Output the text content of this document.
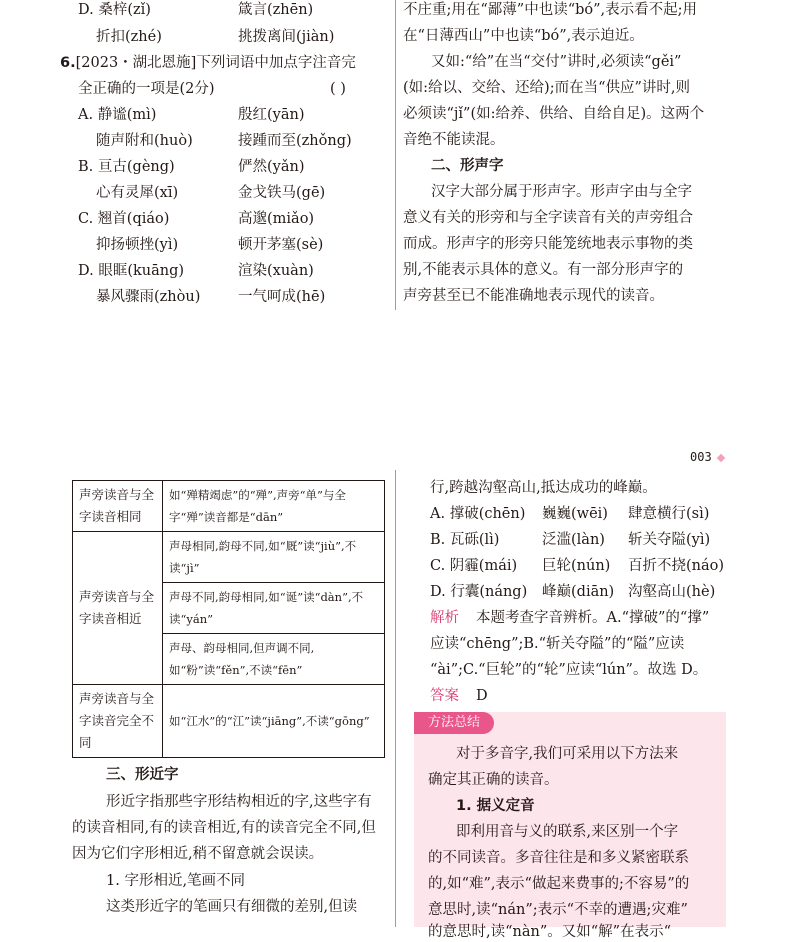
D. 桑梓(zǐ)	箴言(zhēn)
折扣(zhé)	挑拨离间(jiàn)
6.[2023・湖北恩施]下列词语中加点字注音完
全正确的一项是(2分)	( )
A. 静谧(mì)	殷红(yān)
随声附和(huò)	接踵而至(zhǒng)
B. 亘古(gèng)	俨然(yǎn)
心有灵犀(xī)	金戈铁马(gē)
C. 翘首(qiáo)	高邈(miǎo)
抑扬顿挫(yì)	顿开茅塞(sè)
D. 眼眶(kuāng)	渲染(xuàn)
暴风骤雨(zhòu)	一气呵成(hē)
不庄重;用在“鄙薄”中也读“bó”,表示看不起;用
在“日薄西山”中也读“bó”,表示迫近。
又如:“给”在当“交付”讲时,必须读“gěi”
(如:给以、交给、还给);而在当“供应”讲时,则
必须读“jǐ”(如:给养、供给、自给自足)。这两个
音绝不能读混。
二、形声字
汉字大部分属于形声字。形声字由与全字
意义有关的形旁和与全字读音有关的声旁组合
而成。形声字的形旁只能笼统地表示事物的类
别,不能表示具体的意义。有一部分形声字的
声旁甚至已不能准确地表示现代的读音。
003
声旁读音与全字读音相同	如“殚精竭虑”的“殚”,声旁“单”与全字“殚”读音都是“dān”
声旁读音与全字读音相近	声母相同,韵母不同,如“厩”读“jiù”,不读“jì”
	声母不同,韵母相同,如“诞”读“dàn”,不读“yán”
	声母、韵母相同,但声调不同,如“粉”读“fěn”,不读“fēn”
声旁读音与全字读音完全不同	如“江水”的“江”读“jiāng”,不读“gōng”
三、形近字
形近字指那些字形结构相近的字,这些字有
的读音相同,有的读音相近,有的读音完全不同,但
因为它们字形相近,稍不留意就会误读。
1. 字形相近,笔画不同
这类形近字的笔画只有细微的差别,但读
行,跨越沟壑高山,抵达成功的峰巅。
A. 撑破(chēn) 巍巍(wēi) 肆意横行(sì)
B. 瓦砾(lì)	泛滥(làn) 斩关夺隘(yì)
C. 阴霾(mái) 巨轮(nún) 百折不挠(náo)
D. 行囊(náng) 峰巅(diān) 沟壑高山(hè)
解析 本题考查字音辨析。A.“撑破”的“撑”
应读“chēng”;B.“斩关夺隘”的“隘”应读
“ài”;C.“巨轮”的“轮”应读“lún”。故选 D。
答案 D
方法总结
对于多音字,我们可采用以下方法来
确定其正确的读音。
1. 据义定音
即利用音与义的联系,来区别一个字
的不同读音。多音往往是和多义紧密联系
的,如“难”,表示“做起来费事的;不容易”的
意思时,读“nán”;表示“不幸的遭遇;灾难”
的意思时,读“nàn”。又如“解”在表示“
